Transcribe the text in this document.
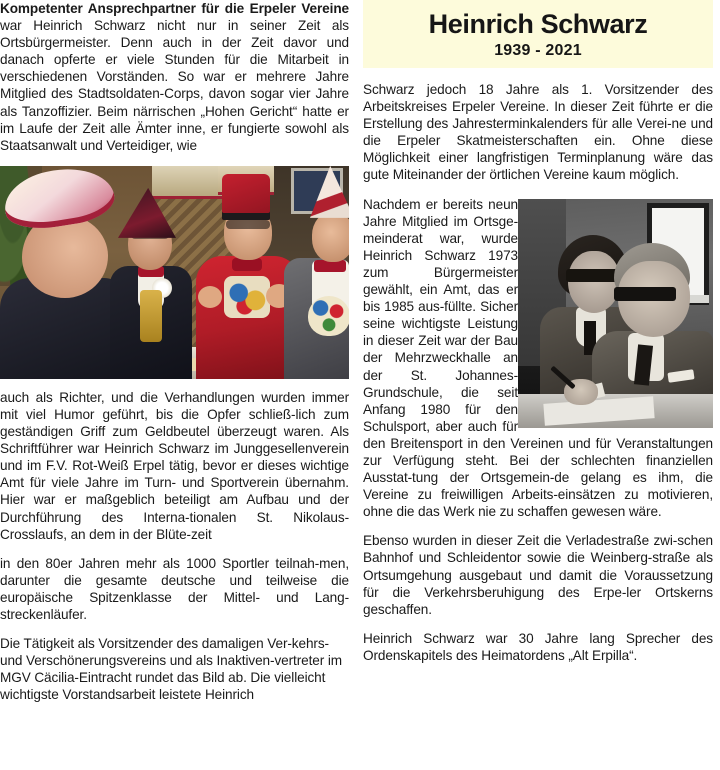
Kompetenter Ansprechpartner für die Erpeler Vereine war Heinrich Schwarz nicht nur in seiner Zeit als Ortsbürgermeister. Denn auch in der Zeit davor und danach opferte er viele Stunden für die Mitarbeit in verschiedenen Vorständen. So war er mehrere Jahre Mitglied des Stadtsoldaten-Corps, davon sogar vier Jahre als Tanzoffizier. Beim närrischen „Hohen Gericht“ hatte er im Laufe der Zeit alle Ämter inne, er fungierte sowohl als Staatsanwalt und Verteidiger, wie

auch als Richter, und die Verhandlungen wurden immer mit viel Humor geführt, bis die Opfer schließ-lich zum geständigen Griff zum Geldbeutel überzeugt waren. Als Schriftführer war Heinrich Schwarz im Junggesellenverein und im F.V. Rot-Weiß Erpel tätig, bevor er dieses wichtige Amt für viele Jahre im Turn- und Sportverein übernahm. Hier war er maßgeblich beteiligt am Aufbau und der Durchführung des Interna-tionalen St. Nikolaus-Crosslaufs, an dem in der Blüte-zeit

in den 80er Jahren mehr als 1000 Sportler teilnah-men, darunter die gesamte deutsche und teilweise die europäische Spitzenklasse der Mittel- und Lang-streckenläufer.

Die Tätigkeit als Vorsitzender des damaligen Ver-kehrs- und Verschönerungsvereins und als Inaktiven-vertreter im MGV Cäcilia-Eintracht rundet das Bild ab. Die vielleicht wichtigste Vorstandsarbeit leistete Heinrich

Heinrich Schwarz
1939 - 2021

Schwarz jedoch 18 Jahre als 1. Vorsitzender des Arbeitskreises Erpeler Vereine. In dieser Zeit führte er die Erstellung des Jahresterminkalenders für alle Verei-ne und die Erpeler Skatmeisterschaften ein. Ohne diese Möglichkeit einer langfristigen Terminplanung wäre das gute Miteinander der örtlichen Vereine kaum möglich.

Nachdem er bereits neun Jahre Mitglied im Ortsge-meinderat war, wurde Heinrich Schwarz 1973 zum Bürgermeister gewählt, ein Amt, das er bis 1985 aus-füllte. Sicher seine wichtigste Leistung in dieser Zeit war der Bau der Mehrzweckhalle an der St. Johannes-Grundschule, die seit Anfang 1980 für den Schulsport, aber auch für den Breitensport in den Vereinen und für Veranstaltungen zur Verfügung steht. Bei der schlechten finanziellen Ausstat-tung der Ortsgemein-de gelang es ihm, die Vereine zu freiwilligen Arbeits-einsätzen zu motivieren, ohne die das Werk nie zu schaffen gewesen wäre.

Ebenso wurden in dieser Zeit die Verladestraße zwi-schen Bahnhof und Schleidentor sowie die Weinberg-straße als Ortsumgehung ausgebaut und damit die Voraussetzung für die Verkehrsberuhigung des Erpe-ler Ortskerns geschaffen.

Heinrich Schwarz war 30 Jahre lang Sprecher des Ordenskapitels des Heimatordens „Alt Erpilla“.
